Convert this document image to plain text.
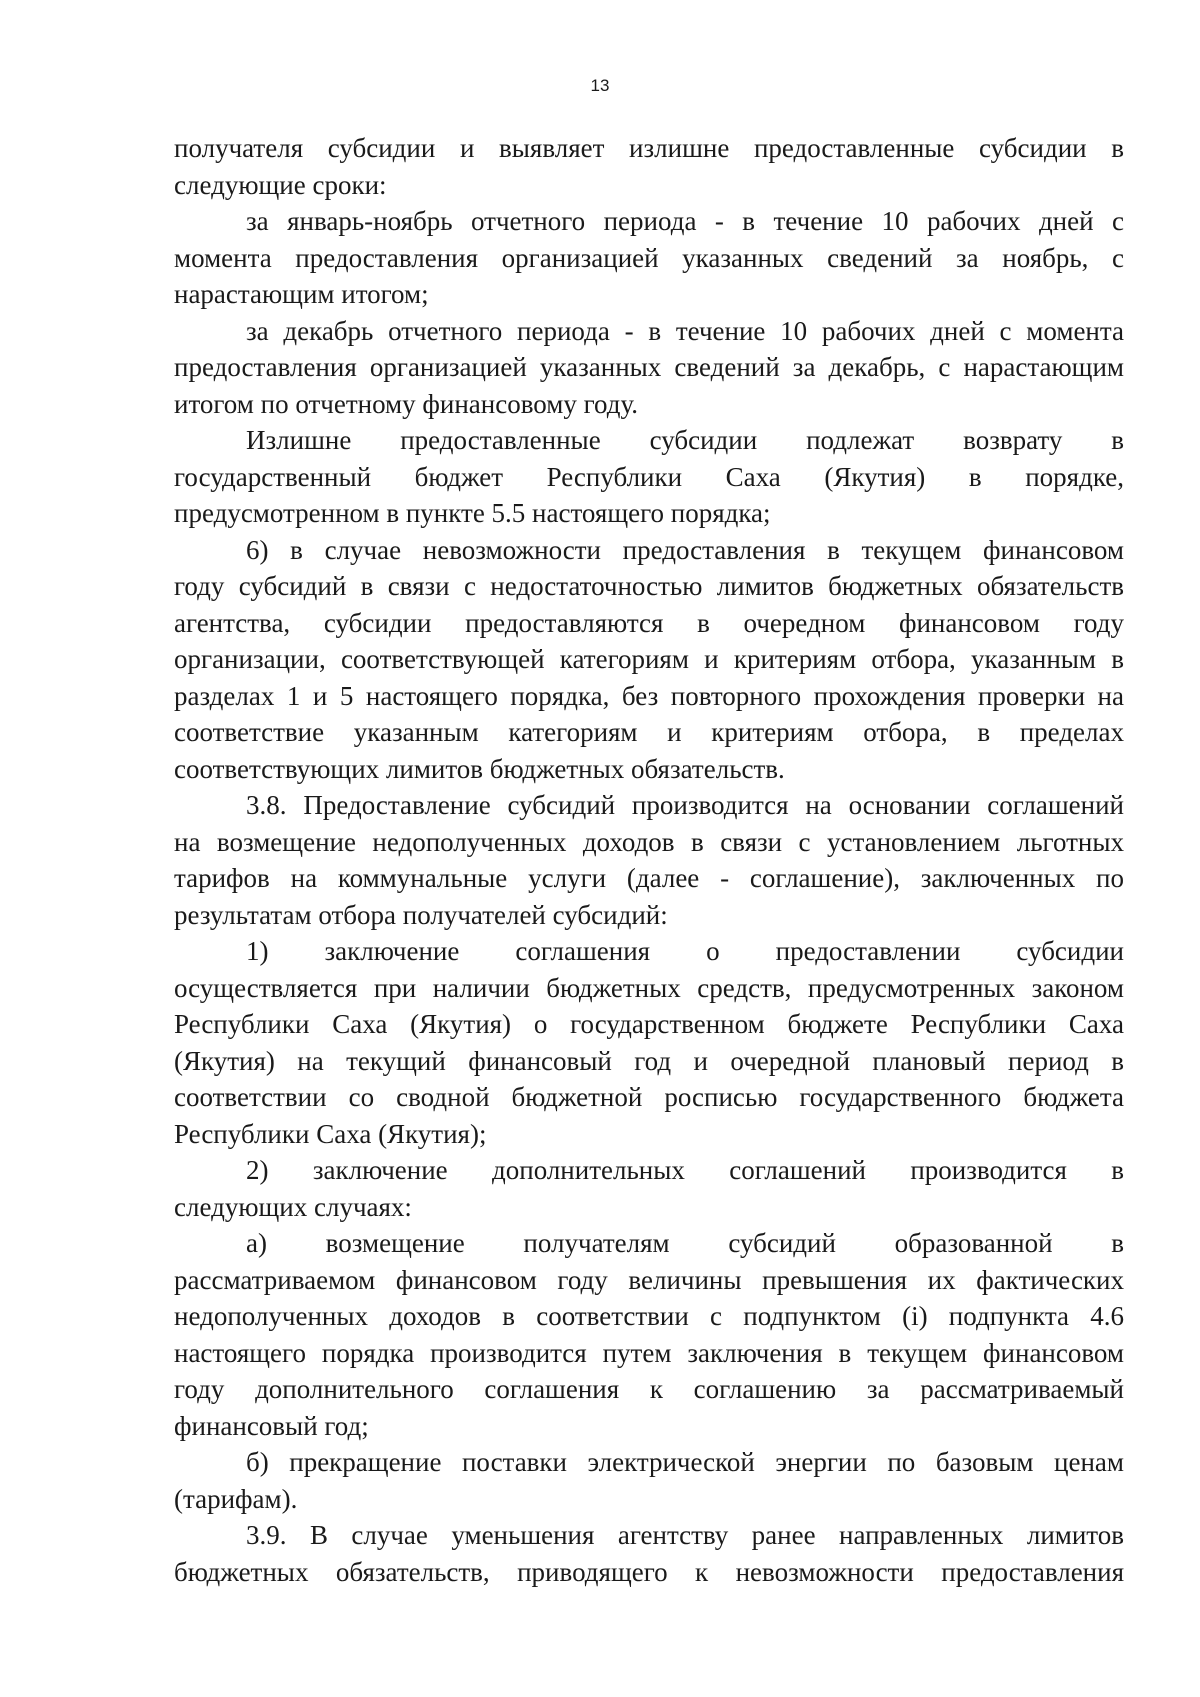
13
получателя субсидии и выявляет излишне предоставленные субсидии в
следующие сроки:
за январь-ноябрь отчетного периода - в течение 10 рабочих дней с
момента предоставления организацией указанных сведений за ноябрь, с
нарастающим итогом;
за декабрь отчетного периода - в течение 10 рабочих дней с момента
предоставления организацией указанных сведений за декабрь, с нарастающим
итогом по отчетному финансовому году.
Излишне предоставленные субсидии подлежат возврату в
государственный бюджет Республики Саха (Якутия) в порядке,
предусмотренном в пункте 5.5 настоящего порядка;
6) в случае невозможности предоставления в текущем финансовом
году субсидий в связи с недостаточностью лимитов бюджетных обязательств
агентства, субсидии предоставляются в очередном финансовом году
организации, соответствующей категориям и критериям отбора, указанным в
разделах 1 и 5 настоящего порядка, без повторного прохождения проверки на
соответствие указанным категориям и критериям отбора, в пределах
соответствующих лимитов бюджетных обязательств.
3.8. Предоставление субсидий производится на основании соглашений
на возмещение недополученных доходов в связи с установлением льготных
тарифов на коммунальные услуги (далее - соглашение), заключенных по
результатам отбора получателей субсидий:
1) заключение соглашения о предоставлении субсидии
осуществляется при наличии бюджетных средств, предусмотренных законом
Республики Саха (Якутия) о государственном бюджете Республики Саха
(Якутия) на текущий финансовый год и очередной плановый период в
соответствии со сводной бюджетной росписью государственного бюджета
Республики Саха (Якутия);
2) заключение дополнительных соглашений производится в
следующих случаях:
а) возмещение получателям субсидий образованной в
рассматриваемом финансовом году величины превышения их фактических
недополученных доходов в соответствии с подпунктом (i) подпункта 4.6
настоящего порядка производится путем заключения в текущем финансовом
году дополнительного соглашения к соглашению за рассматриваемый
финансовый год;
б) прекращение поставки электрической энергии по базовым ценам
(тарифам).
3.9. В случае уменьшения агентству ранее направленных лимитов
бюджетных обязательств, приводящего к невозможности предоставления
